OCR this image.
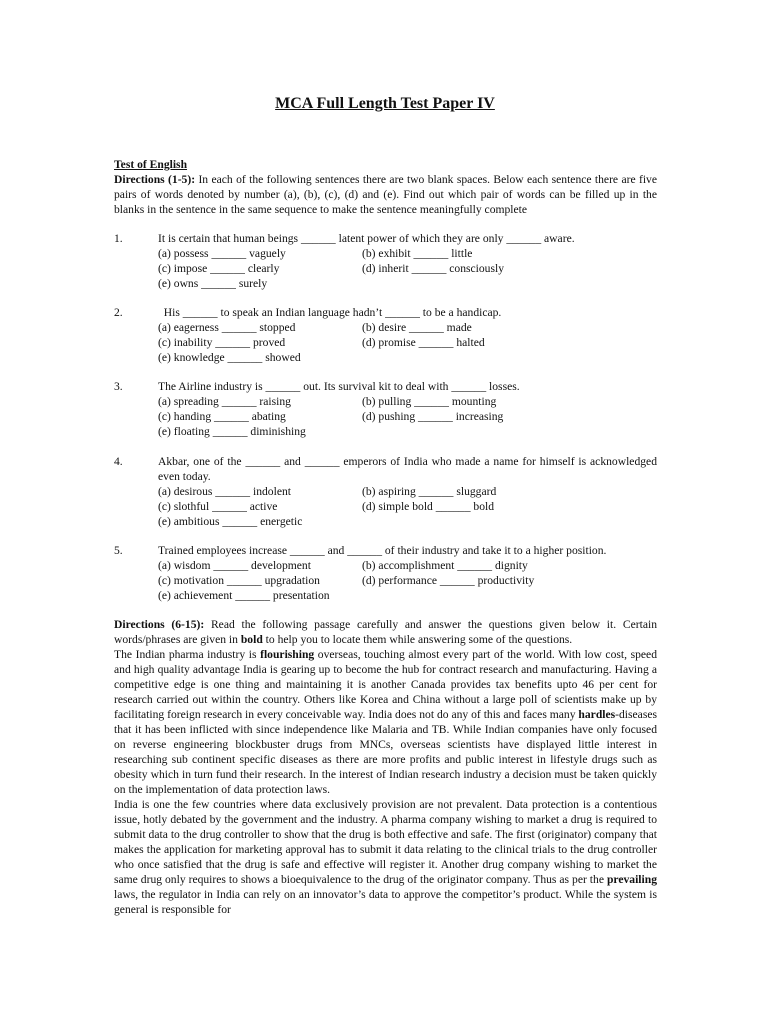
MCA Full Length Test Paper IV
Test of English
Directions (1-5): In each of the following sentences there are two blank spaces. Below each sentence there are five pairs of words denoted by number (a), (b), (c), (d) and (e). Find out which pair of words can be filled up in the blanks in the sentence in the same sequence to make the sentence meaningfully complete
1.	It is certain that human beings ______ latent power of which they are only ______ aware.
(a) possess ______ vaguely	(b) exhibit ______ little
(c) impose ______ clearly	(d) inherit ______ consciously
(e) owns ______ surely
2.	His ______ to speak an Indian language hadn’t ______ to be a handicap.
(a) eagerness ______ stopped	(b) desire ______ made
(c) inability ______ proved	(d) promise ______ halted
(e) knowledge ______ showed
3.	The Airline industry is ______ out. Its survival kit to deal with ______ losses.
(a) spreading ______ raising	(b) pulling ______ mounting
(c) handing ______ abating	(d) pushing ______ increasing
(e) floating ______ diminishing
4.	Akbar, one of the ______ and ______ emperors of India who made a name for himself is acknowledged even today.
(a) desirous ______ indolent	(b) aspiring ______ sluggard
(c) slothful ______ active	(d) simple bold ______ bold
(e) ambitious ______ energetic
5.	Trained employees increase ______ and ______ of their industry and take it to a higher position.
(a) wisdom ______ development	(b) accomplishment ______ dignity
(c) motivation ______ upgradation	(d) performance ______ productivity
(e) achievement ______ presentation

Directions (6-15): Read the following passage carefully and answer the questions given below it. Certain words/phrases are given in bold to help you to locate them while answering some of the questions.

The Indian pharma industry is flourishing overseas, touching almost every part of the world. With low cost, speed and high quality advantage India is gearing up to become the hub for contract research and manufacturing. Having a competitive edge is one thing and maintaining it is another Canada provides tax benefits upto 46 per cent for research carried out within the country. Others like Korea and China without a large poll of scientists make up by facilitating foreign research in every conceivable way. India does not do any of this and faces many hardles-diseases that it has been inflicted with since independence like Malaria and TB. While Indian companies have only focused on reverse engineering blockbuster drugs from MNCs, overseas scientists have displayed little interest in researching sub continent specific diseases as there are more profits and public interest in lifestyle drugs such as obesity which in turn fund their research. In the interest of Indian research industry a decision must be taken quickly on the implementation of data protection laws.

India is one the few countries where data exclusively provision are not prevalent. Data protection is a contentious issue, hotly debated by the government and the industry. A pharma company wishing to market a drug is required to submit data to the drug controller to show that the drug is both effective and safe. The first (originator) company that makes the application for marketing approval has to submit it data relating to the clinical trials to the drug controller who once satisfied that the drug is safe and effective will register it. Another drug company wishing to market the same drug only requires to shows a bioequivalence to the drug of the originator company. Thus as per the prevailing laws, the regulator in India can rely on an innovator’s data to approve the competitor’s product. While the system is general is responsible for
